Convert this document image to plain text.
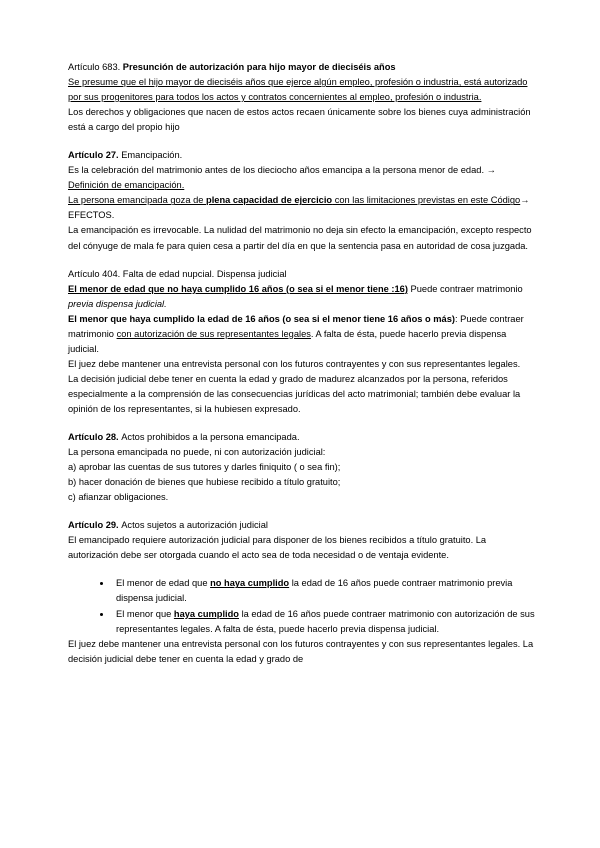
Artículo 683. Presunción de autorización para hijo mayor de dieciséis años

Se presume que el hijo mayor de dieciséis años que ejerce algún empleo, profesión o industria, está autorizado por sus progenitores para todos los actos y contratos concernientes al empleo, profesión o industria.

Los derechos y obligaciones que nacen de estos actos recaen únicamente sobre los bienes cuya administración está a cargo del propio hijo

Artículo 27. Emancipación.

Es la celebración del matrimonio antes de los dieciocho años emancipa a la persona menor de edad. → Definición de emancipación.

La persona emancipada goza de plena capacidad de ejercicio con las limitaciones previstas en este Código→ EFECTOS.

La emancipación es irrevocable. La nulidad del matrimonio no deja sin efecto la emancipación, excepto respecto del cónyuge de mala fe para quien cesa a partir del día en que la sentencia pasa en autoridad de cosa juzgada.

Artículo 404. Falta de edad nupcial. Dispensa judicial

El menor de edad que no haya cumplido 16 años (o sea si el menor tiene :16) Puede contraer matrimonio previa dispensa judicial.

El menor que haya cumplido la edad de 16 años (o sea si el menor tiene 16 años o más): Puede contraer matrimonio con autorización de sus representantes legales. A falta de ésta, puede hacerlo previa dispensa judicial.

El juez debe mantener una entrevista personal con los futuros contrayentes y con sus representantes legales.

La decisión judicial debe tener en cuenta la edad y grado de madurez alcanzados por la persona, referidos especialmente a la comprensión de las consecuencias jurídicas del acto matrimonial; también debe evaluar la opinión de los representantes, si la hubiesen expresado.

Artículo 28. Actos prohibidos a la persona emancipada.

La persona emancipada no puede, ni con autorización judicial:

a) aprobar las cuentas de sus tutores y darles finiquito ( o sea fin);

b) hacer donación de bienes que hubiese recibido a título gratuito;

c) afianzar obligaciones.

Artículo 29. Actos sujetos a autorización judicial

El emancipado requiere autorización judicial para disponer de los bienes recibidos a título gratuito. La autorización debe ser otorgada cuando el acto sea de toda necesidad o de ventaja evidente.

• El menor de edad que no haya cumplido la edad de 16 años puede contraer matrimonio previa dispensa judicial.
• El menor que haya cumplido la edad de 16 años puede contraer matrimonio con autorización de sus representantes legales. A falta de ésta, puede hacerlo previa dispensa judicial.

El juez debe mantener una entrevista personal con los futuros contrayentes y con sus representantes legales. La decisión judicial debe tener en cuenta la edad y grado de
